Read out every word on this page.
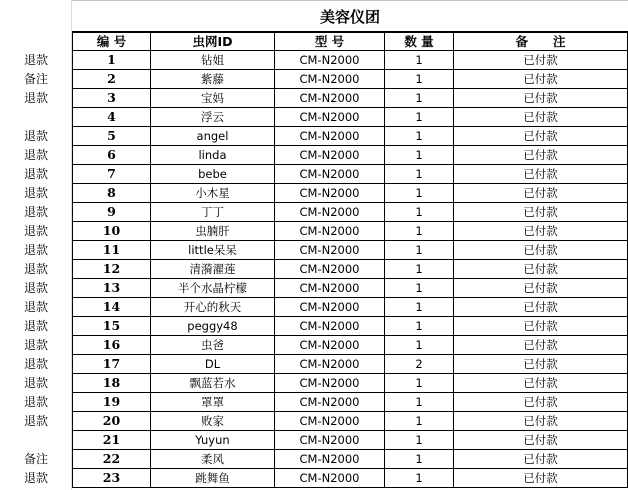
美容仪团
编 号	虫网ID	型 号	数 量	备　　注
退款	1	钻姐	CM-N2000	1	已付款
备注	2	紫藤	CM-N2000	1	已付款
退款	3	宝妈	CM-N2000	1	已付款
4	浮云	CM-N2000	1	已付款
退款	5	angel	CM-N2000	1	已付款
退款	6	linda	CM-N2000	1	已付款
退款	7	bebe	CM-N2000	1	已付款
退款	8	小木星	CM-N2000	1	已付款
退款	9	丁丁	CM-N2000	1	已付款
退款	10	虫腩肝	CM-N2000	1	已付款
退款	11	little呆呆	CM-N2000	1	已付款
退款	12	清漪濯莲	CM-N2000	1	已付款
退款	13	半个水晶柠檬	CM-N2000	1	已付款
退款	14	开心的秋天	CM-N2000	1	已付款
退款	15	peggy48	CM-N2000	1	已付款
退款	16	虫爸	CM-N2000	1	已付款
退款	17	DL	CM-N2000	2	已付款
退款	18	飘蓝若水	CM-N2000	1	已付款
退款	19	罩罩	CM-N2000	1	已付款
退款	20	败家	CM-N2000	1	已付款
21	Yuyun	CM-N2000	1	已付款
备注	22	柔风	CM-N2000	1	已付款
退款	23	跳舞鱼	CM-N2000	1	已付款
